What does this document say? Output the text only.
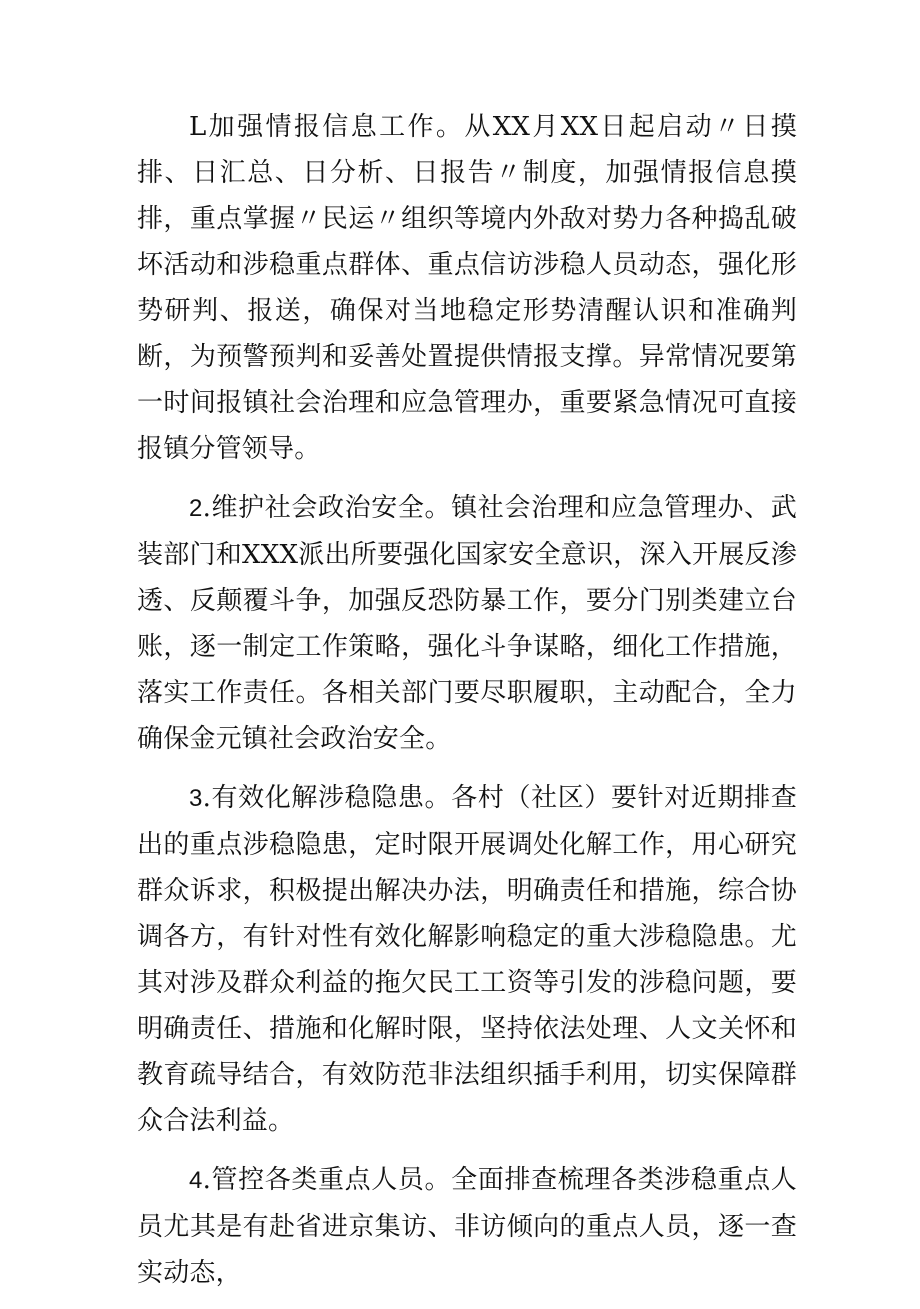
L加强情报信息工作。从XX月XX日起启动〃日摸排、日汇总、日分析、日报告〃制度，加强情报信息摸排，重点掌握〃民运〃组织等境内外敌对势力各种捣乱破坏活动和涉稳重点群体、重点信访涉稳人员动态，强化形势研判、报送，确保对当地稳定形势清醒认识和准确判断，为预警预判和妥善处置提供情报支撑。异常情况要第一时间报镇社会治理和应急管理办，重要紧急情况可直接报镇分管领导。

2.维护社会政治安全。镇社会治理和应急管理办、武装部门和XXX派出所要强化国家安全意识，深入开展反渗透、反颠覆斗争，加强反恐防暴工作，要分门别类建立台账，逐一制定工作策略，强化斗争谋略，细化工作措施，落实工作责任。各相关部门要尽职履职，主动配合，全力确保金元镇社会政治安全。

3.有效化解涉稳隐患。各村（社区）要针对近期排查出的重点涉稳隐患，定时限开展调处化解工作，用心研究群众诉求，积极提出解决办法，明确责任和措施，综合协调各方，有针对性有效化解影响稳定的重大涉稳隐患。尤其对涉及群众利益的拖欠民工工资等引发的涉稳问题，要明确责任、措施和化解时限，坚持依法处理、人文关怀和教育疏导结合，有效防范非法组织插手利用，切实保障群众合法利益。

4.管控各类重点人员。全面排查梳理各类涉稳重点人员尤其是有赴省进京集访、非访倾向的重点人员，逐一查实动态，
